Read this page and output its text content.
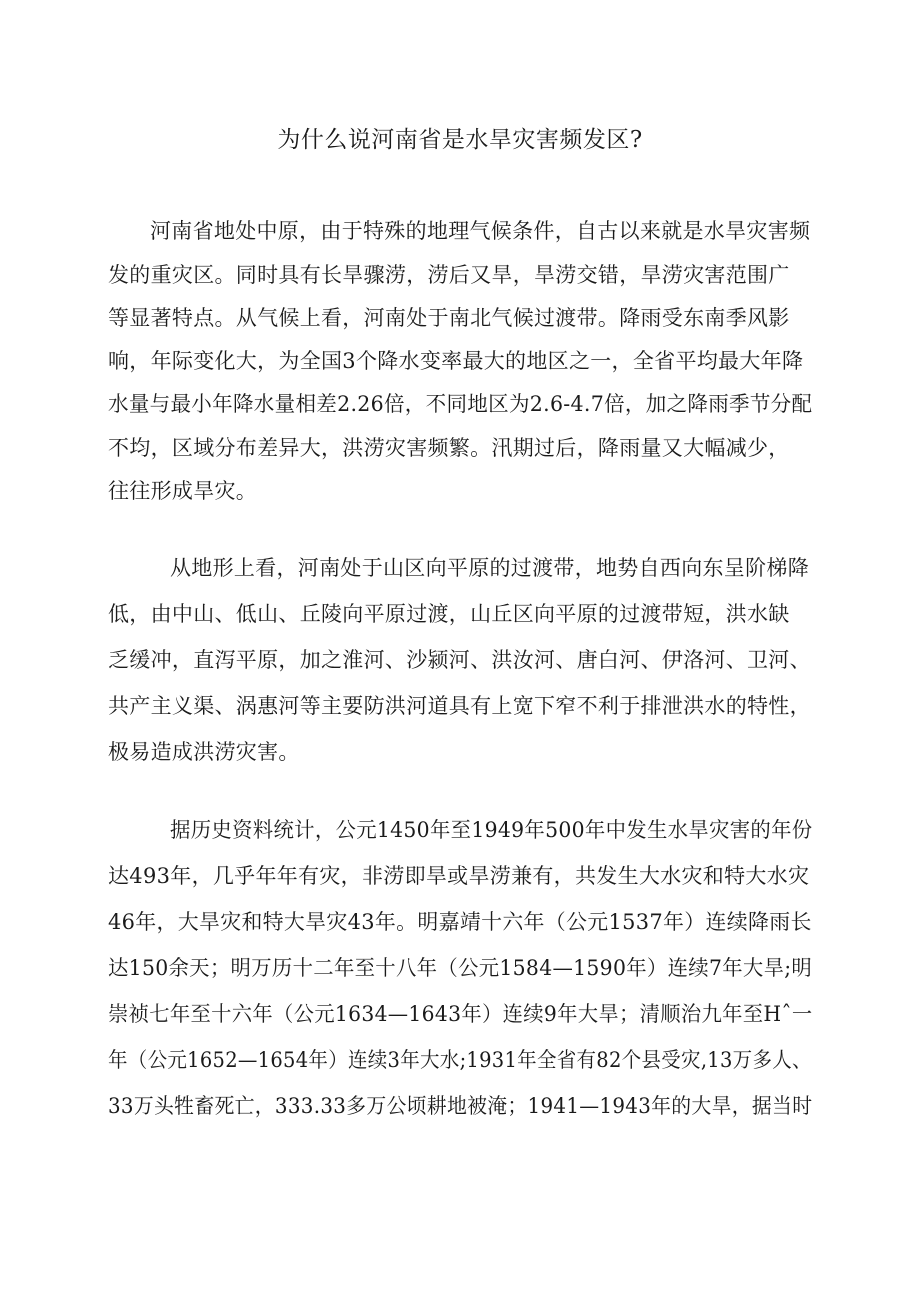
为什么说河南省是水旱灾害频发区?
河南省地处中原，由于特殊的地理气候条件，自古以来就是水旱灾害频
发的重灾区。同时具有长旱骤涝，涝后又旱，旱涝交错，旱涝灾害范围广
等显著特点。从气候上看，河南处于南北气候过渡带。降雨受东南季风影
响，年际变化大，为全国3个降水变率最大的地区之一，全省平均最大年降
水量与最小年降水量相差2.26倍，不同地区为2.6-4.7倍，加之降雨季节分配
不均，区域分布差异大，洪涝灾害频繁。汛期过后，降雨量又大幅减少，
往往形成旱灾。
从地形上看，河南处于山区向平原的过渡带，地势自西向东呈阶梯降
低，由中山、低山、丘陵向平原过渡，山丘区向平原的过渡带短，洪水缺
乏缓冲，直泻平原，加之淮河、沙颍河、洪汝河、唐白河、伊洛河、卫河、
共产主义渠、涡惠河等主要防洪河道具有上宽下窄不利于排泄洪水的特性，
极易造成洪涝灾害。
据历史资料统计，公元1450年至1949年500年中发生水旱灾害的年份
达493年，几乎年年有灾，非涝即旱或旱涝兼有，共发生大水灾和特大水灾
46年，大旱灾和特大旱灾43年。明嘉靖十六年（公元1537年）连续降雨长
达150余天；明万历十二年至十八年（公元1584—1590年）连续7年大旱;明
崇祯七年至十六年（公元1634—1643年）连续9年大旱；清顺治九年至Hˆ一
年（公元1652—1654年）连续3年大水;1931年全省有82个县受灾,13万多人、
33万头牲畜死亡，333.33多万公顷耕地被淹；1941—1943年的大旱，据当时
